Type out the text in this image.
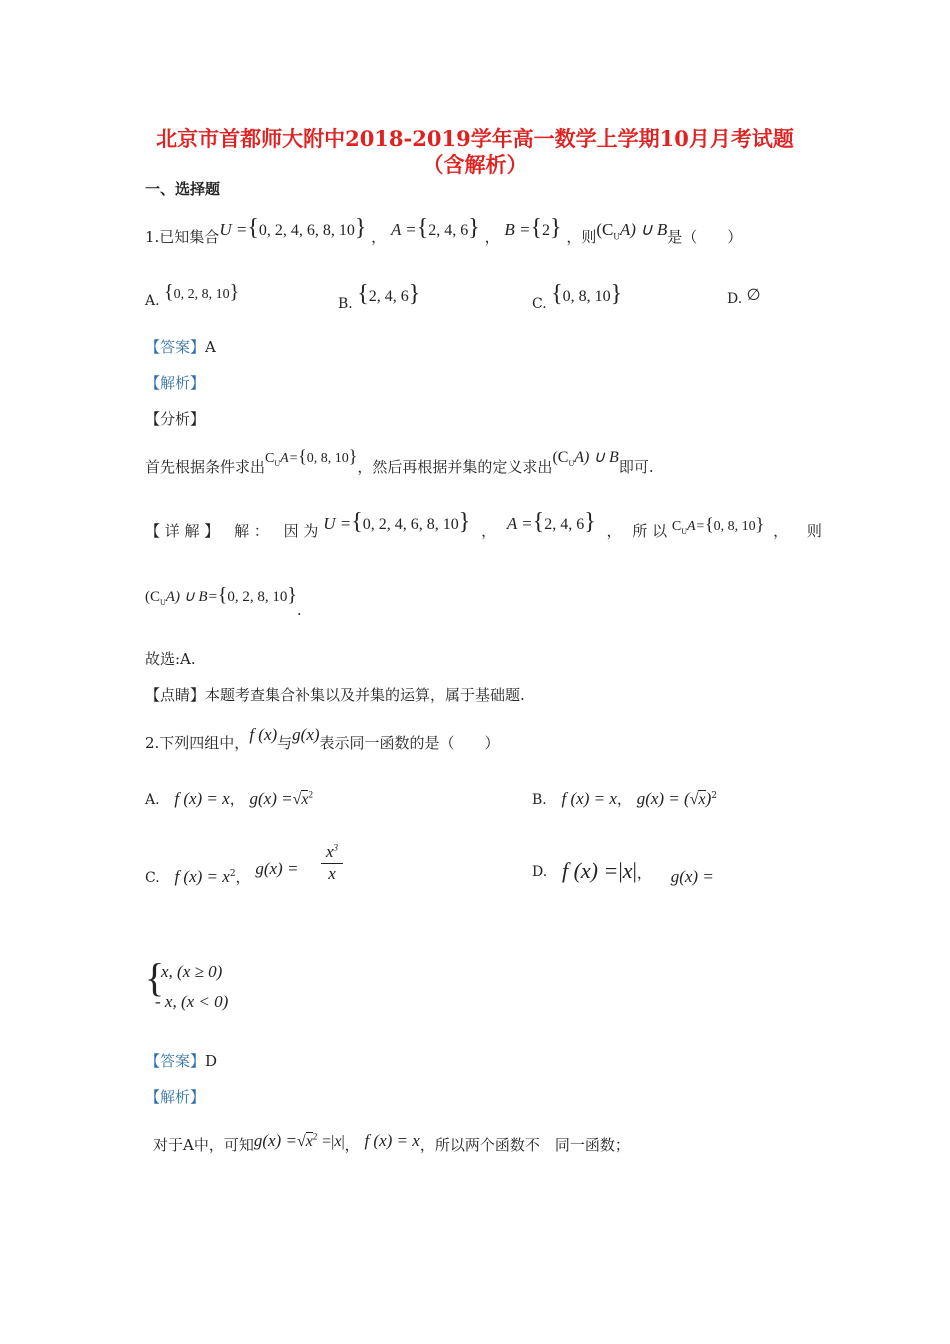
北京市首都师大附中2018-2019学年高一数学上学期10月月考试题
（含解析）
一、选择题
1.已知集合U ={0, 2, 4, 6, 8, 10} ， A ={2, 4, 6} ， B ={2} ，则$(C_UA)$ ∪ B是（　　）
A. {0, 2, 8, 10}
B. {2, 4, 6}	C. {0, 8, 10}	D. ∅
【答案】A
【解析】
【分析】
首先根据条件求出$C_UA=\{0$, 8, 10}，然后再根据并集的定义求出$(C_UA)$ ∪ B即可.
【 详 解 】 解 ： 因 为 U ={0, 2, 4, 6, 8, 10} ， A ={2, 4, 6} ， 所 以 $C_UA=\{0$, 8, 10} ， 则
$(C_UA)$ ∪ B={0, 2, 8, 10}.
故选:A.
【点睛】本题考查集合补集以及并集的运算，属于基础题.
2.下列四组中，f (x)与g(x)表示同一函数的是（　　）
A. f (x) = x， $g(x) =√x^2$	B. f (x) = x， $g(x) = (√x)^2$
C. f $(x) = x^2$， g(x) =
$x^3$
x	D. f (x) =|x|， g(x) =
{
x, (x ≥ 0)
- x, (x < 0)
【答案】D
【解析】
对于A中，可知$g(x) =√x^2 =|x|$， f (x) = x，所以两个函数不　同一函数；
